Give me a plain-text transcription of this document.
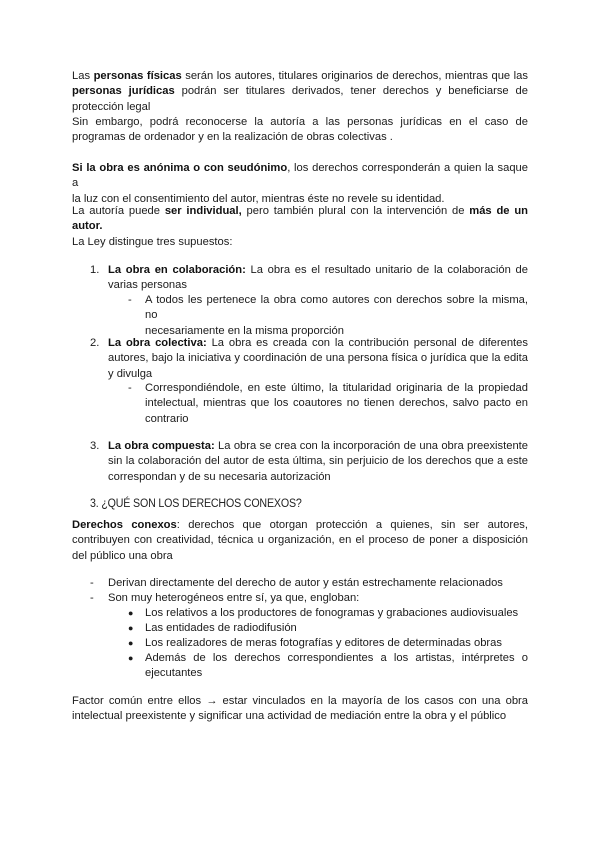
Las personas físicas serán los autores, titulares originarios de derechos, mientras que las
personas jurídicas podrán ser titulares derivados, tener derechos y beneficiarse de
protección legal

Sin embargo, podrá reconocerse la autoría a las personas jurídicas en el caso de
programas de ordenador y en la realización de obras colectivas .

Si la obra es anónima o con seudónimo, los derechos corresponderán a quien la saque a
la luz con el consentimiento del autor, mientras éste no revele su identidad.

La autoría puede ser individual, pero también plural con la intervención de más de un
autor.
La Ley distingue tres supuestos:

1. La obra en colaboración: La obra es el resultado unitario de la colaboración de
varias personas

-	A todos les pertenece la obra como autores con derechos sobre la misma, no
necesariamente en la misma proporción

2. La obra colectiva: La obra es creada con la contribución personal de diferentes
autores, bajo la iniciativa y coordinación de una persona física o jurídica que la edita
y divulga

-	Correspondiéndole, en este último, la titularidad originaria de la propiedad
intelectual, mientras que los coautores no tienen derechos, salvo pacto en
contrario

3. La obra compuesta: La obra se crea con la incorporación de una obra preexistente
sin la colaboración del autor de esta última, sin perjuicio de los derechos que a este
correspondan y de su necesaria autorización

3. ¿QUÉ SON LOS DERECHOS CONEXOS?

Derechos conexos: derechos que otorgan protección a quienes, sin ser autores,
contribuyen con creatividad, técnica u organización, en el proceso de poner a disposición
del público una obra

-	Derivan directamente del derecho de autor y están estrechamente relacionados
-	Son muy heterogéneos entre sí, ya que, engloban:
●	Los relativos a los productores de fonogramas y grabaciones audiovisuales
●	Las entidades de radiodifusión
●	Los realizadores de meras fotografías y editores de determinadas obras
●	Además de los derechos correspondientes a los artistas, intérpretes o
ejecutantes

Factor común entre ellos → estar vinculados en la mayoría de los casos con una obra
intelectual preexistente y significar una actividad de mediación entre la obra y el público
